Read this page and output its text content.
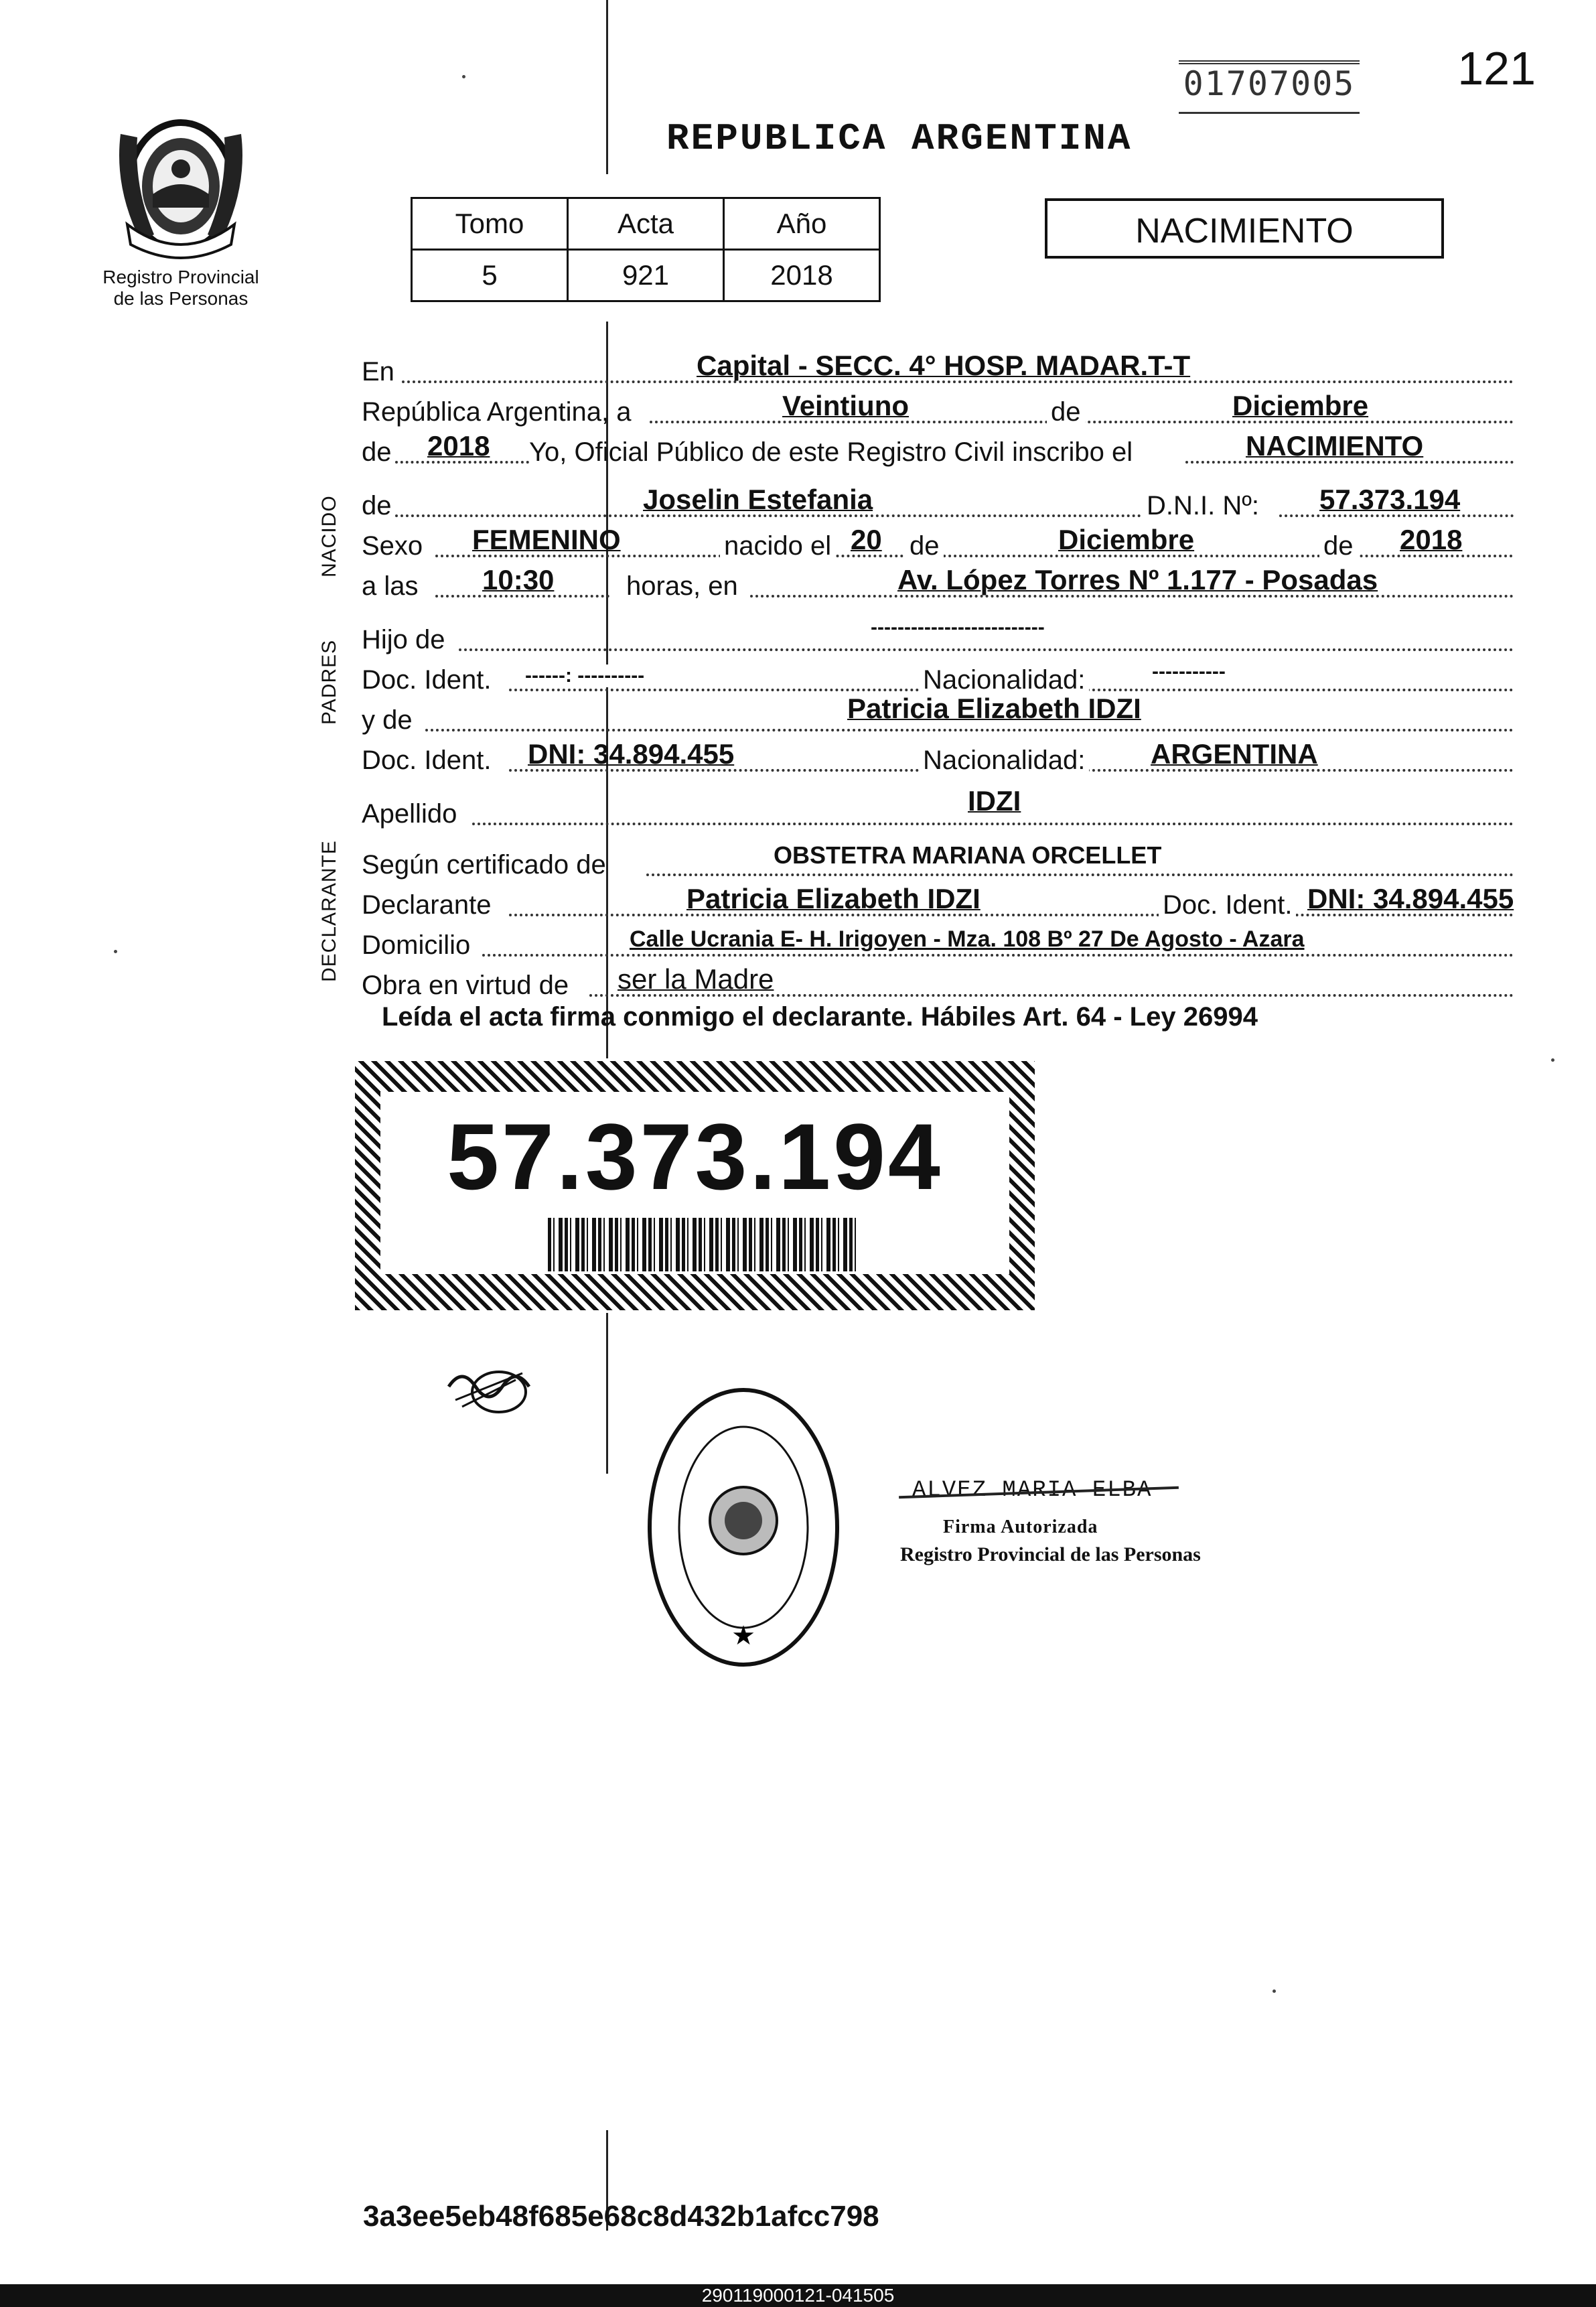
121
01707005
REPUBLICA ARGENTINA
Registro Provincial
de las Personas
Tomo	Acta	Año
5	921	2018
NACIMIENTO
En	Capital - SECC. 4° HOSP. MADAR.T-T
República Argentina, a	Veintiuno	de	Diciembre
de 2018 Yo, Oficial Público de este Registro Civil inscribo el	NACIMIENTO
de	Joselin Estefania	D.N.I. Nº: 57.373.194
Sexo FEMENINO	nacido el 20 de	Diciembre	de 2018
a las 10:30	horas, en	Av. López Torres Nº 1.177 - Posadas
Hijo de	--------------------------
Doc. Ident. ------: ----------	Nacionalidad:	-----------
y de	Patricia Elizabeth IDZI
Doc. Ident. DNI: 34.894.455	Nacionalidad: ARGENTINA
Apellido	IDZI
Según certificado de	OBSTETRA MARIANA ORCELLET
Declarante	Patricia Elizabeth IDZI	Doc. Ident. DNI: 34.894.455
Domicilio	Calle Ucrania E- H. Irigoyen - Mza. 108 Bº 27 De Agosto - Azara
Obra en virtud de ser la Madre
NACIDO
PADRES
DECLARANTE
Leída el acta firma conmigo el declarante. Hábiles Art. 64 - Ley 26994
57.373.194
★
ALVEZ MARIA ELBA
Firma Autorizada
Registro Provincial de las Personas
3a3ee5eb48f685e68c8d432b1afcc798
290119000121-041505
